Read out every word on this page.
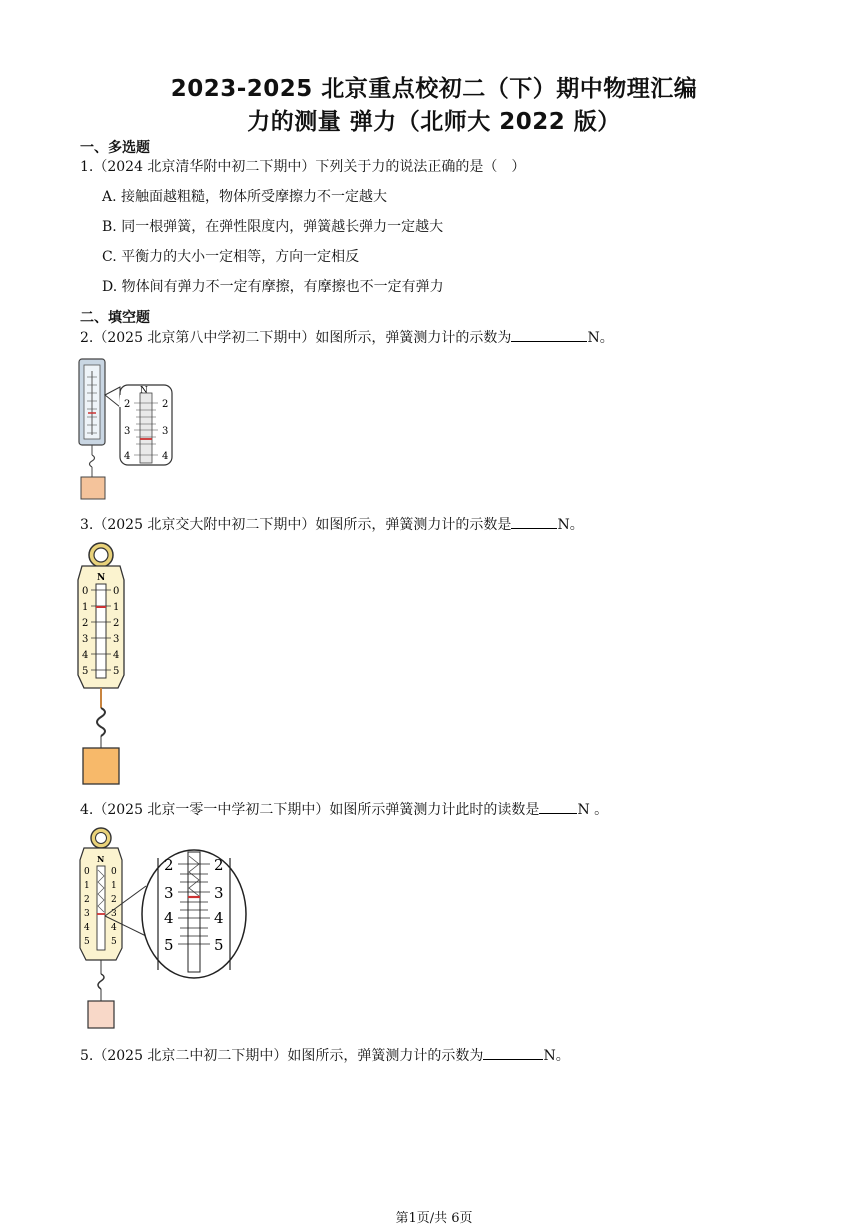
2023-2025 北京重点校初二（下）期中物理汇编
力的测量 弹力（北师大 2022 版）
一、多选题
1.（2024 北京清华附中初二下期中）下列关于力的说法正确的是（　）
A. 接触面越粗糙，物体所受摩擦力不一定越大
B. 同一根弹簧，在弹性限度内，弹簧越长弹力一定越大
C. 平衡力的大小一定相等，方向一定相反
D. 物体间有弹力不一定有摩擦，有摩擦也不一定有弹力
二、填空题
2.（2025 北京第八中学初二下期中）如图所示，弹簧测力计的示数为	N。
N
2
3
4
2
3
4
3.（2025 北京交大附中初二下期中）如图所示，弹簧测力计的示数是	N。
N
0
1
2
3
4
5
0
1
2
3
4
5
4.（2025 北京一零一中学初二下期中）如图所示弹簧测力计此时的读数是	N 。
N
0
1
2
3
4
5
0
1
2
3
4
5
2
3
4
5
2
3
4
5
5.（2025 北京二中初二下期中）如图所示，弹簧测力计的示数为	N。
第1页/共 6页
